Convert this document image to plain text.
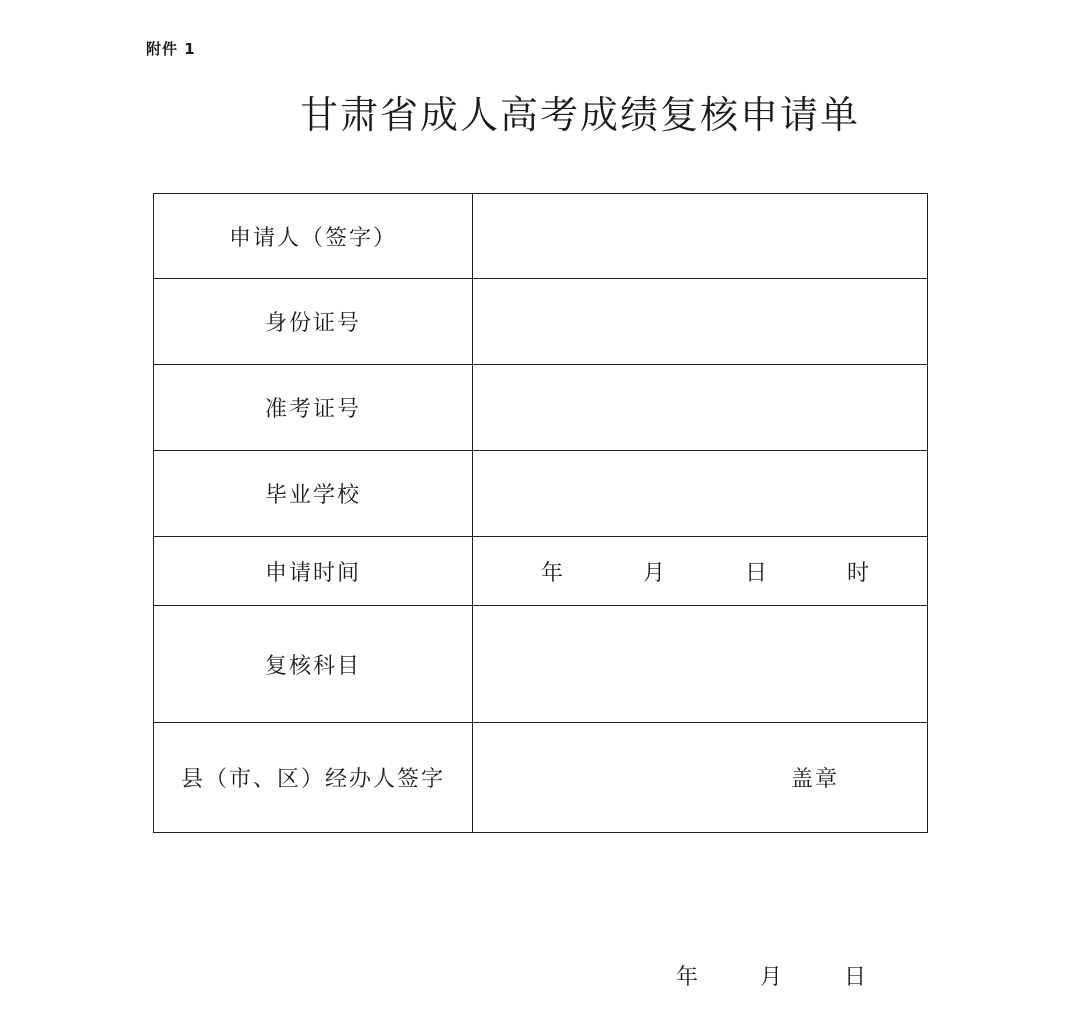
附件 1
甘肃省成人高考成绩复核申请单
申请人（签字）	
身份证号	
准考证号	
毕业学校	
申请时间	年 月 日 时

复核科目	
县（市、区）经办人签字	盖章
年	月	日
